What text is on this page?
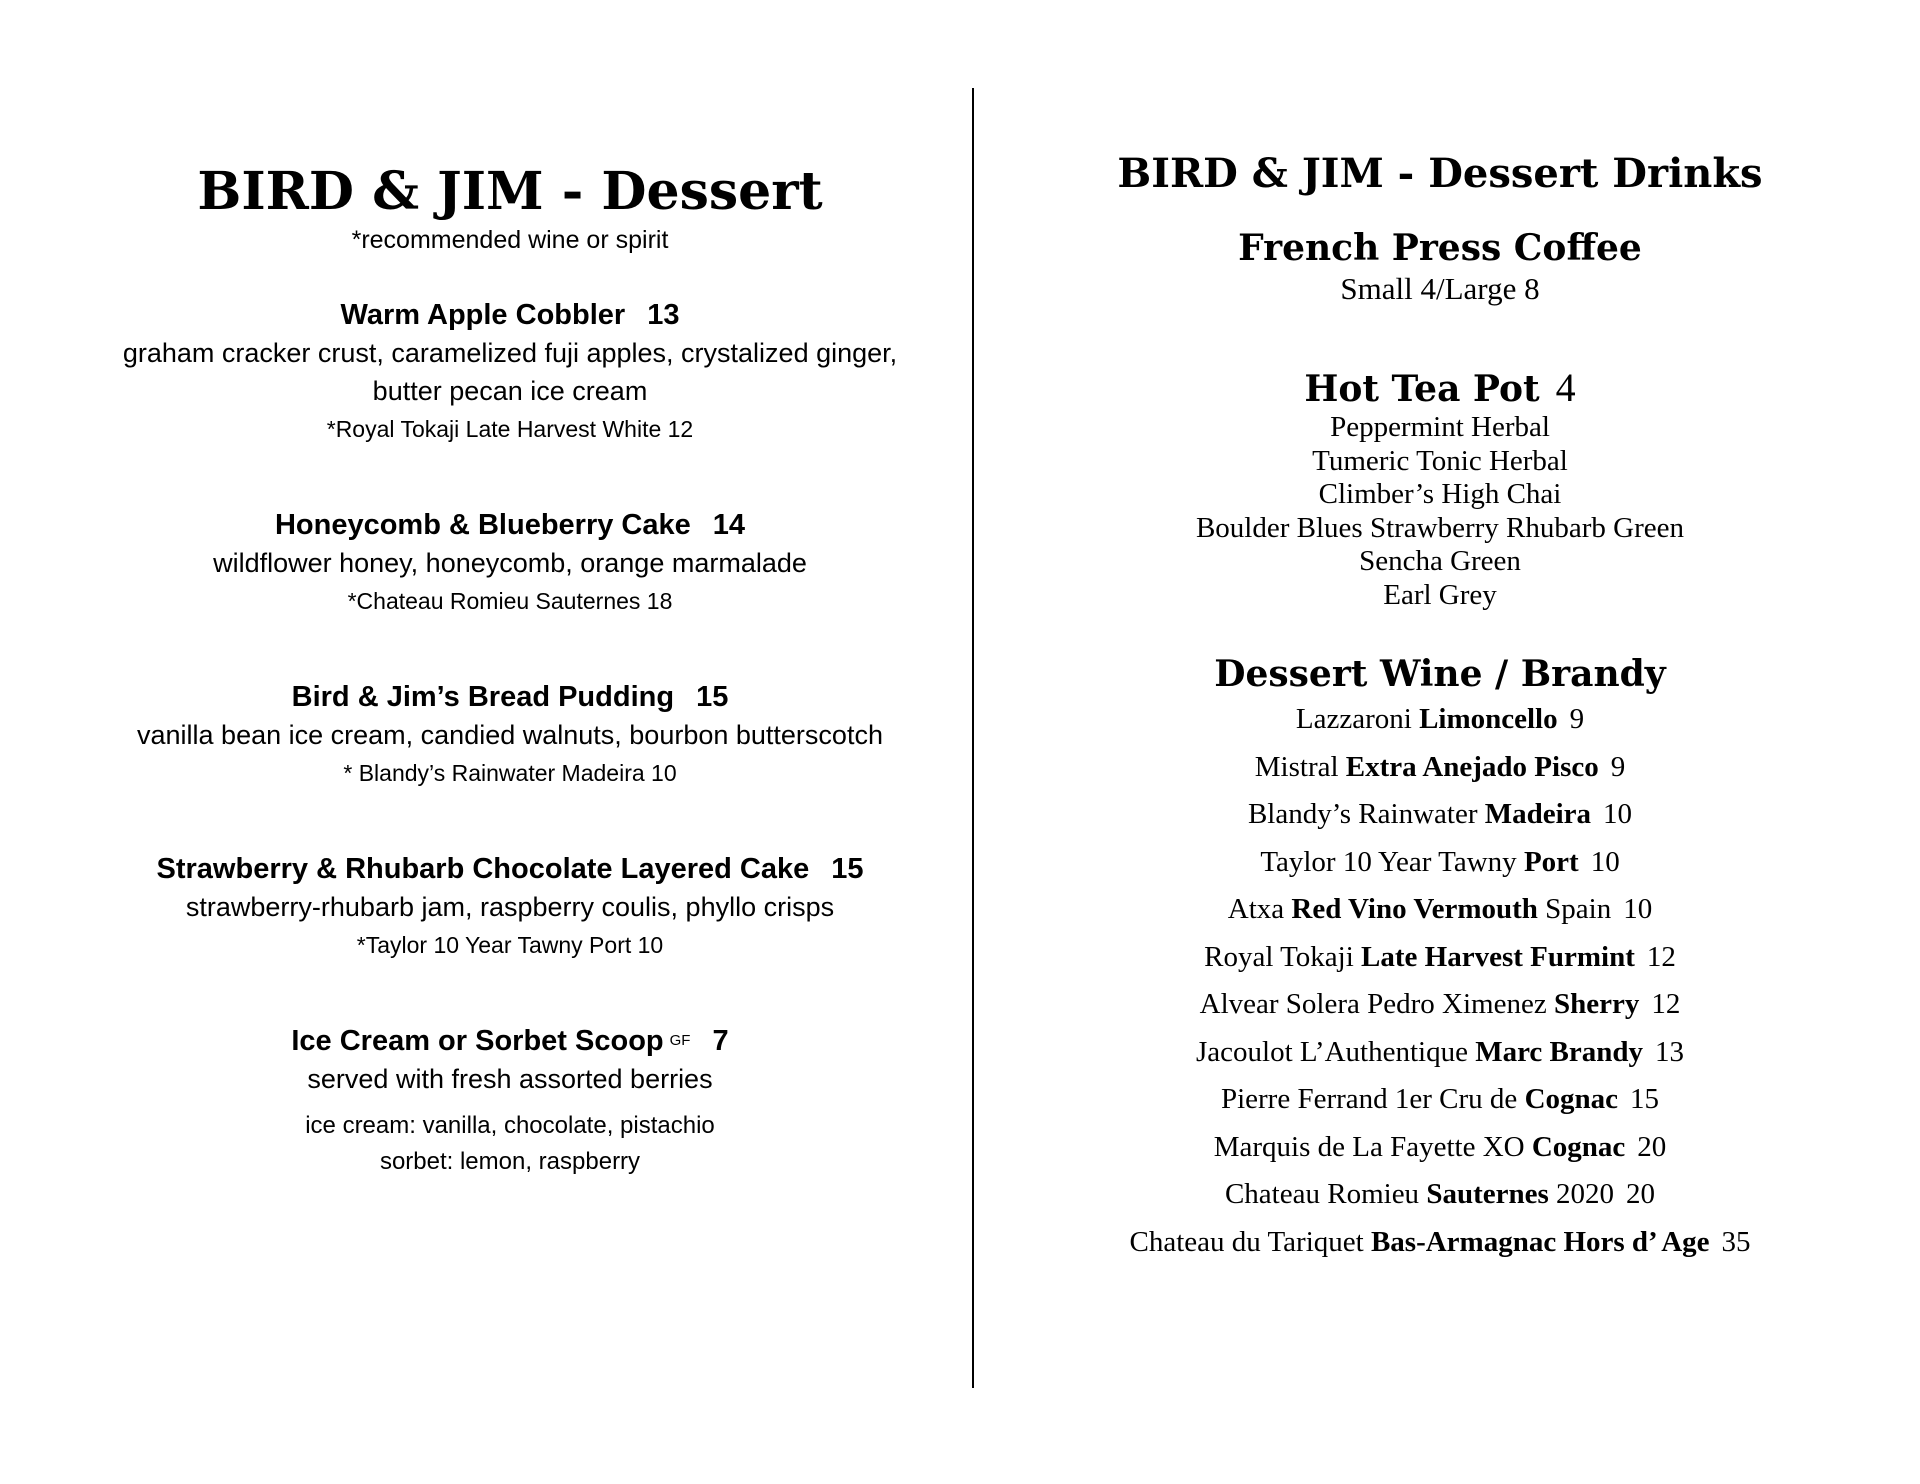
BIRD & JIM - Dessert
*recommended wine or spirit
Warm Apple Cobbler 13
graham cracker crust, caramelized fuji apples, crystalized ginger,
butter pecan ice cream
*Royal Tokaji Late Harvest White 12
Honeycomb & Blueberry Cake 14
wildflower honey, honeycomb, orange marmalade
*Chateau Romieu Sauternes 18
Bird & Jim’s Bread Pudding 15
vanilla bean ice cream, candied walnuts, bourbon butterscotch
* Blandy’s Rainwater Madeira 10
Strawberry & Rhubarb Chocolate Layered Cake 15
strawberry-rhubarb jam, raspberry coulis, phyllo crisps
*Taylor 10 Year Tawny Port 10
Ice Cream or Sorbet Scoop $^{GF}$ 7
served with fresh assorted berries
ice cream: vanilla, chocolate, pistachio
sorbet: lemon, raspberry
BIRD & JIM - Dessert Drinks
French Press Coffee
Small 4/Large 8
Hot Tea Pot 4
Peppermint Herbal
Tumeric Tonic Herbal
Climber’s High Chai
Boulder Blues Strawberry Rhubarb Green
Sencha Green
Earl Grey
Dessert Wine / Brandy
Lazzaroni Limoncello 9
Mistral Extra Anejado Pisco 9
Blandy’s Rainwater Madeira 10
Taylor 10 Year Tawny Port 10
Atxa Red Vino Vermouth Spain 10
Royal Tokaji Late Harvest Furmint 12
Alvear Solera Pedro Ximenez Sherry 12
Jacoulot L’Authentique Marc Brandy 13
Pierre Ferrand 1er Cru de Cognac 15
Marquis de La Fayette XO Cognac 20
Chateau Romieu Sauternes 2020 20
Chateau du Tariquet Bas-Armagnac Hors d’ Age 35
